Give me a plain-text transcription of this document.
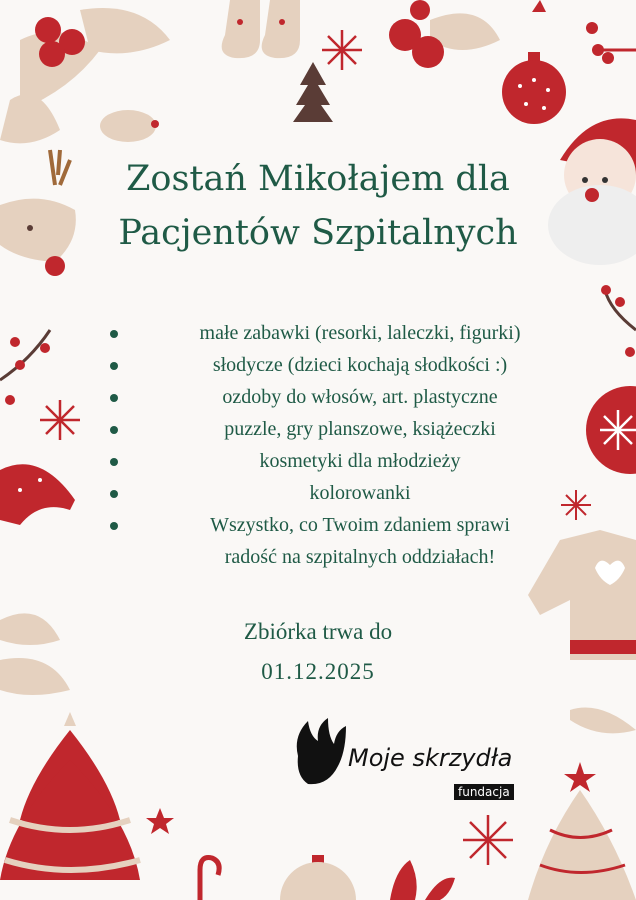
Zostań Mikołajem dla
Pacjentów Szpitalnych
małe zabawki (resorki, laleczki, figurki)
słodycze (dzieci kochają słodkości :)
ozdoby do włosów, art. plastyczne
puzzle, gry planszowe, książeczki
kosmetyki dla młodzieży
kolorowanki
Wszystko, co Twoim zdaniem sprawi
radość na szpitalnych oddziałach!
Zbiórka trwa do
01.12.2025
Moje skrzydła
fundacja
